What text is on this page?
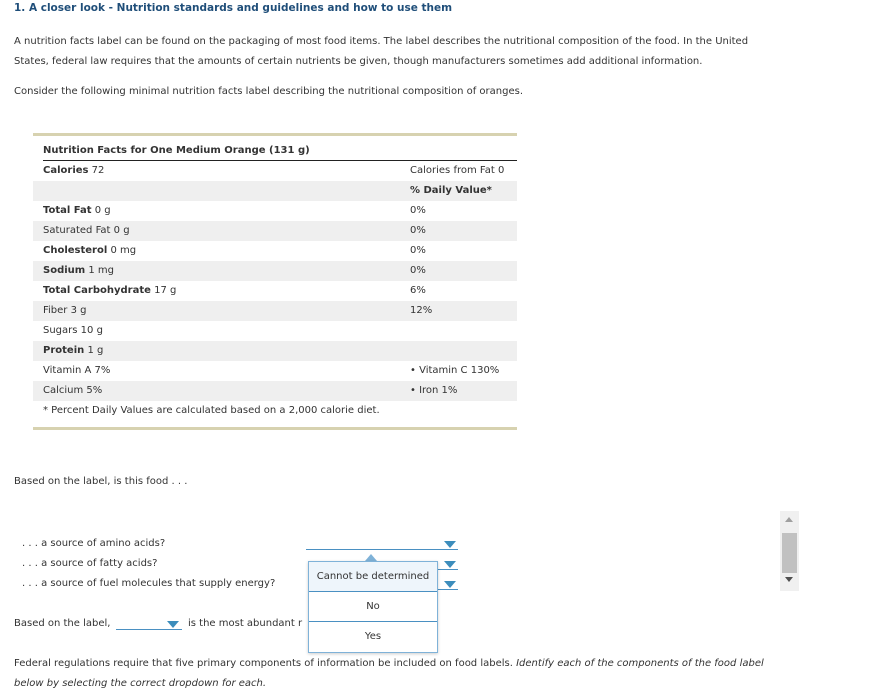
1. A closer look - Nutrition standards and guidelines and how to use them
A nutrition facts label can be found on the packaging of most food items. The label describes the nutritional composition of the food. In the United
States, federal law requires that the amounts of certain nutrients be given, though manufacturers sometimes add additional information.
Consider the following minimal nutrition facts label describing the nutritional composition of oranges.
Nutrition Facts for One Medium Orange (131 g)
Calories 72	Calories from Fat 0
% Daily Value*
Total Fat 0 g	0%
Saturated Fat 0 g	0%
Cholesterol 0 mg	0%
Sodium 1 mg	0%
Total Carbohydrate 17 g	6%
Fiber 3 g	12%
Sugars 10 g
Protein 1 g
Vitamin A 7%	• Vitamin C 130%
Calcium 5%	• Iron 1%
* Percent Daily Values are calculated based on a 2,000 calorie diet.
Based on the label, is this food . . .
. . . a source of amino acids?
. . . a source of fatty acids?
. . . a source of fuel molecules that supply energy?
Based on the label,	is the most abundant r
Cannot be determined
No
Yes
Federal regulations require that five primary components of information be included on food labels. Identify each of the components of the food label
below by selecting the correct dropdown for each.
